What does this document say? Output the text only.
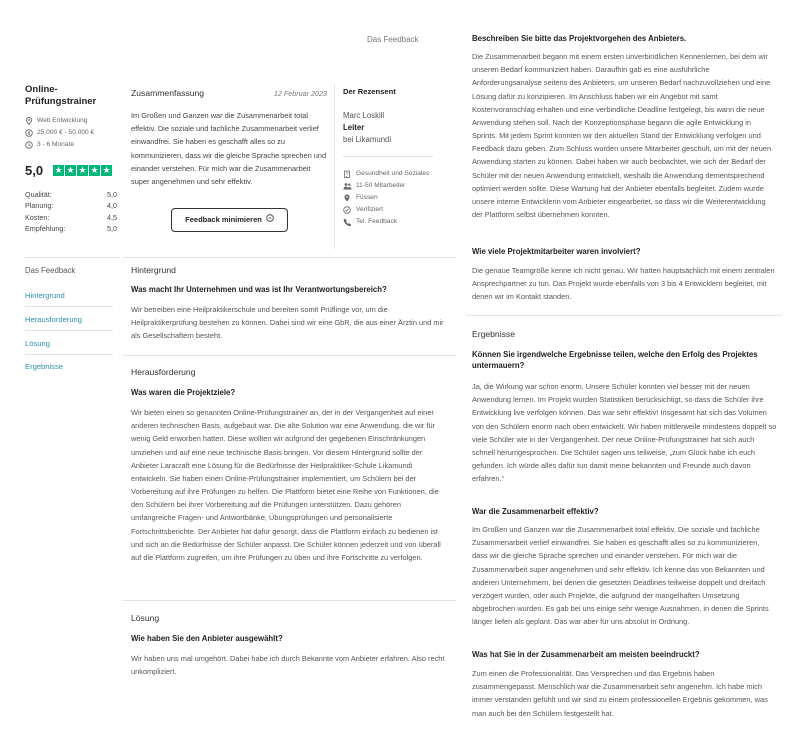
Das Feedback
Online-Prüfungstrainer
Web Entwicklung
25.000 € - 50.000 €
3 - 6 Monate
5,0 ★ ★ ★ ★ ★
Qualität:	5,0
Planung:	4,0
Kosten:	4,5
Empfehlung:	5,0
Zusammenfassung	12 Februar 2023
Im Großen und Ganzen war die Zusammenarbeit total effektiv. Die soziale und fachliche Zusammenarbeit verlief einwandfrei. Sie haben es geschafft alles so zu kommunizieren, dass wir die gleiche Sprache sprechen und einander verstehen. Für mich war die Zusammenarbeit super angenehmen und sehr effektiv.
Feedback minimieren
Der Rezensent
Marc Loskill
Leiter
bei Likamundi
Gesundheit und Soziales
11-50 Mitarbeiter
Füssen
Verifiziert
Tel. Feedback
Das Feedback
Hintergrund
Herausforderung
Lösung
Ergebnisse
Hintergrund
Was macht Ihr Unternehmen und was ist Ihr Verantwortungsbereich?
Wir betreiben eine Heilpraktikerschule und bereiten somit Prüflinge vor, um die Heilpraktikerprüfung bestehen zu können. Dabei sind wir eine GbR, die aus einer Ärztin und mir als Gesellschaftern besteht.
Herausforderung
Was waren die Projektziele?
Wir bieten einen so genannten Online-Prüfungstrainer an, der in der Vergangenheit auf einer anderen technischen Basis, aufgebaut war. Die alte Solution war eine Anwendung, die wir für wenig Geld erworben hatten. Diese wollten wir aufgrund der gegebenen Einschränkungen umziehen und auf eine neue technische Basis bringen. Vor diesem Hintergrund sollte der Anbieter Laracraft eine Lösung für die Bedürfnisse der Heilpraktiker-Schule Likamundi entwickeln. Sie haben einen Online-Prüfungstrainer implementiert, um Schülern bei der Vorbereitung auf ihre Prüfungen zu helfen. Die Plattform bietet eine Reihe von Funktionen, die den Schülern bei ihrer Vorbereitung auf die Prüfungen unterstützen. Dazu gehören umfangreiche Fragen- und Antwortbänke, Übungsprüfungen und personalisierte Fortschrittsberichte. Der Anbieter hat dafür gesorgt, dass die Plattform einfach zu bedienen ist und sich an die Bedürfnisse der Schüler anpasst. Die Schüler können jederzeit und von überall auf die Plattform zugreifen, um ihre Prüfungen zu üben und ihre Fortschritte zu verfolgen.
Lösung
Wie haben Sie den Anbieter ausgewählt?
Wir haben uns mal umgehört. Dabei habe ich durch Bekannte vom Anbieter erfahren. Also recht unkompliziert.
Beschreiben Sie bitte das Projektvorgehen des Anbieters.
Die Zusammenarbeit begann mit einem ersten unverbindlichen Kennenlernen, bei dem wir unseren Bedarf kommuniziert haben. Daraufhin gab es eine ausführliche Anforderungsanalyse seitens des Anbieters, um unseren Bedarf nachzuvollziehen und eine Lösung dafür zu konzipieren. Im Anschluss haben wir ein Angebot mit samt Kostenvoranschlag erhalten und eine verbindliche Deadline festgelegt, bis wann die neue Anwendung stehen soll. Nach der Konzeptionsphase begann die agile Entwicklung in Sprints. Mit jedem Sprint konnten wir den aktuellen Stand der Entwicklung verfolgen und Feedback dazu geben. Zum Schluss wurden unsere Mitarbeiter geschult, um mit der neuen Anwendung starten zu können. Dabei haben wir auch beobachtet, wie sich der Bedarf der Schüler mit der neuen Anwendung entwickelt, weshalb die Anwendung dementsprechend optimiert werden sollte. Diese Wartung hat der Anbieter ebenfalls begleitet. Zudem wurde unsere interne Entwicklerin vom Anbieter eingearbeitet, so dass wir die Weiterentwicklung der Plattform selbst übernehmen konnten.
Wie viele Projektmitarbeiter waren involviert?
Die genaue Teamgröße kenne ich nicht genau. Wir hatten hauptsächlich mit einem zentralen Ansprechpartner zu tun. Das Projekt wurde ebenfalls von 3 bis 4 Entwicklern begleitet, mit denen wir im Kontakt standen.
Ergebnisse
Können Sie irgendwelche Ergebnisse teilen, welche den Erfolg des Projektes untermauern?
Ja, die Wirkung war schon enorm. Unsere Schüler konnten viel besser mit der neuen Anwendung lernen. Im Projekt wurden Statistiken berücksichtigt, so dass die Schüler ihre Entwicklung live verfolgen können. Das war sehr effektiv! Insgesamt hat sich das Volumen von den Schülern enorm nach oben entwickelt. Wir haben mittlerweile mindestens doppelt so viele Schüler wie in der Vergangenheit. Der neue Online-Prüfungstrainer hat sich auch schnell herumgesprochen. Die Schüler sagen uns teilweise, „zum Glück habe ich euch gefunden. Ich würde alles dafür tun damit meine bekannten und Freunde auch davon erfahren.“
War die Zusammenarbeit effektiv?
Im Großen und Ganzen war die Zusammenarbeit total effektiv. Die soziale und fachliche Zusammenarbeit verlief einwandfrei. Sie haben es geschafft alles so zu kommunizieren, dass wir die gleiche Sprache sprechen und einander verstehen. Für mich war die Zusammenarbeit super angenehmen und sehr effektiv. Ich kenne das von Bekannten und anderen Unternehmern, bei denen die gesetzten Deadlines teilweise doppelt und dreifach verzögert wurden, oder auch Projekte, die aufgrund der mangelhaften Umsetzung abgebrochen wurden. Es gab bei uns einige sehr wenige Ausnahmen, in denen die Sprints länger liefen als geplant. Das war aber für uns absolut in Ordnung.
Was hat Sie in der Zusammenarbeit am meisten beeindruckt?
Zum einen die Professionalität. Das Versprechen und das Ergebnis haben zusammengepasst. Menschlich war die Zusammenarbeit sehr angenehm. Ich habe mich immer verstanden gefühlt und wir sind zu einem professionellen Ergebnis gekommen, was man auch bei den Schülern festgestellt hat.
